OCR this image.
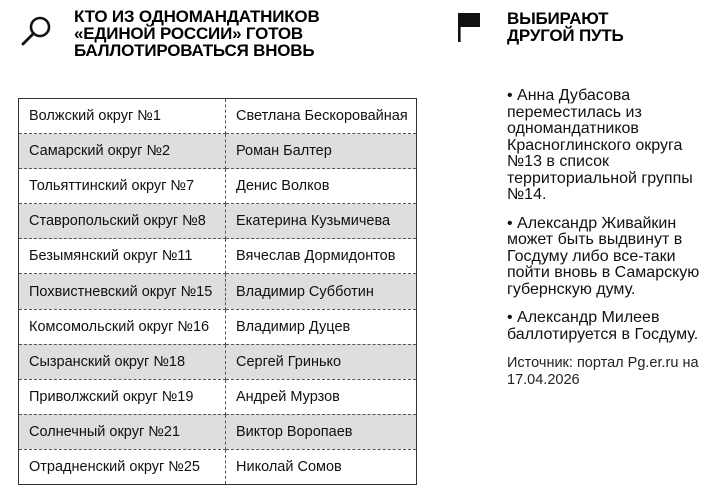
КТО ИЗ ОДНОМАНДАТНИКОВ
«ЕДИНОЙ РОССИИ» ГОТОВ
БАЛЛОТИРОВАТЬСЯ ВНОВЬ
Волжский округ №1	Светлана Бескоровайная
Самарский округ №2	Роман Балтер
Тольяттинский округ №7	Денис Волков
Ставропольский округ №8	Екатерина Кузьмичева
Безымянский округ №11	Вячеслав Дормидонтов
Похвистневский округ №15	Владимир Субботин
Комсомольский округ №16	Владимир Дуцев
Сызранский округ №18	Сергей Гринько
Приволжский округ №19	Андрей Мурзов
Солнечный округ №21	Виктор Воропаев
Отрадненский округ №25	Николай Сомов
ВЫБИРАЮТ
ДРУГОЙ ПУТЬ
• Анна Дубасова переместилась из одномандатников Красноглинского округа №13 в список территориальной группы №14.
• Александр Живайкин может быть выдвинут в Госдуму либо все-таки пойти вновь в Самарскую губернскую думу.
• Александр Милеев баллотируется в Госдуму.
Источник: портал Pg.er.ru на 17.04.2026
